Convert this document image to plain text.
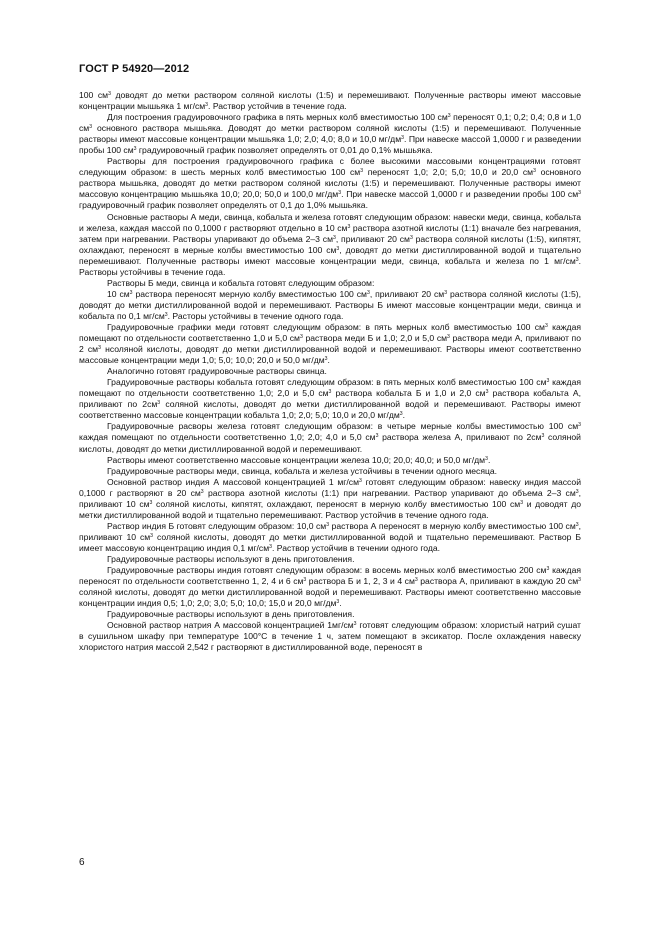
ГОСТ Р 54920—2012

100 $см^3$ доводят до метки раствором соляной кислоты (1:5) и перемешивают. Полученные растворы имеют массовые концентрации мышьяка 1 $мг/см^3$. Раствор устойчив в течение года.

Для построения градуировочного графика в пять мерных колб вместимостью 100 $см^3$ переносят 0,1; 0,2; 0,4; 0,8 и 1,0 $см^3$ основного раствора мышьяка. Доводят до метки раствором соляной кислоты (1:5) и перемешивают. Полученные растворы имеют массовые концентрации мышьяка 1,0; 2,0; 4,0; 8,0 и 10,0 $мг/дм^3$. При навеске массой 1,0000 г и разведении пробы 100 $см^3$ градуировочный график позволяет определять от 0,01 до 0,1% мышьяка.

Растворы для построения градуировочного графика с более высокими массовыми концентрациями готовят следующим образом: в шесть мерных колб вместимостью 100 $см^3$ переносят 1,0; 2,0; 5,0; 10,0 и 20,0 $см^3$ основного раствора мышьяка, доводят до метки раствором соляной кислоты (1:5) и перемешивают. Полученные растворы имеют массовую концентрацию мышьяка 10,0; 20,0; 50,0 и 100,0 $мг/дм^3$. При навеске массой 1,0000 г и разведении пробы 100 $см^3$ градуировочный график позволяет определять от 0,1 до 1,0% мышьяка.

Основные растворы А меди, свинца, кобальта и железа готовят следующим образом: навески меди, свинца, кобальта и железа, каждая массой по 0,1000 г растворяют отдельно в 10 $см^3$ раствора азотной кислоты (1:1) вначале без нагревания, затем при нагревании. Растворы упаривают до объема 2–3 $см^3$, приливают 20 $см^3$ раствора соляной кислоты (1:5), кипятят, охлаждают, переносят в мерные колбы вместимостью 100 $см^3$, доводят до метки дистиллированной водой и тщательно перемешивают. Полученные растворы имеют массовые концентрации меди, свинца, кобальта и железа по 1 $мг/см^3$. Растворы устойчивы в течение года.

Растворы Б меди, свинца и кобальта готовят следующим образом:

10 $см^3$ раствора переносят мерную колбу вместимостью 100 $см^3$, приливают 20 $см^3$ раствора соляной кислоты (1:5), доводят до метки дистиллированной водой и перемешивают. Растворы Б имеют массовые концентрации меди, свинца и кобальта по 0,1 $мг/см^3$. Расторы устойчивы в течение одного года.

Градуировочные графики меди готовят следующим образом: в пять мерных колб вместимостью 100 $см^3$ каждая помещают по отдельности соответственно 1,0 и 5,0 $см^3$ раствора меди Б и 1,0; 2,0 и 5,0 $см^3$ раствора меди А, приливают по 2 $см^3$ нсоляной кислоты, доводят до метки дистиллированной водой и перемешивают. Растворы имеют соответственно массовые концентрации меди 1,0; 5,0; 10,0; 20,0 и 50,0 $мг/дм^3$.

Аналогично готовят градуировочные растворы свинца.

Градуировочные растворы кобальта готовят следующим образом: в пять мерных колб вместимостью 100 $см^3$ каждая помещают по отдельности соответственно 1,0; 2,0 и 5,0 $см^3$ раствора кобальта Б и 1,0 и 2,0 $см^3$ раствора кобальта А, приливают по $2см^3$ соляной кислоты, доводят до метки дистиллированной водой и перемешивают. Растворы имеют соответственно массовые концентрации кобальта 1,0; 2,0; 5,0; 10,0 и 20,0 $мг/дм^3$.

Градуировочные расворы железа готовят следующим образом: в четыре мерные колбы вместимостью 100 $см^3$ каждая помещают по отдельности соответственно 1,0; 2,0; 4,0 и 5,0 $см^3$ раствора железа А, приливают по $2см^3$ соляной кислоты, доводят до метки дистиллированной водой и перемешивают.

Растворы имеют соответственно массовые концентрации железа 10,0; 20,0; 40,0; и 50,0 $мг/дм^3$.

Градуировочные растворы меди, свинца, кобальта и железа устойчивы в течении одного месяца.

Основной раствор индия А массовой концентрацией 1 $мг/см^3$ готовят следующим образом: навеску индия массой 0,1000 г растворяют в 20 $см^3$ раствора азотной кислоты (1:1) при нагревании. Раствор упаривают до объема 2–3 $см^3$, приливают 10 $см^3$ соляной кислоты, кипятят, охлаждают, переносят в мерную колбу вместимостью 100 $см^3$ и доводят до метки дистиллированной водой и тщательно перемешивают. Раствор устойчив в течение одного года.

Раствор индия Б готовят следующим образом: 10,0 $см^3$ раствора А переносят в мерную колбу вместимостью 100 $см^3$, приливают 10 $см^3$ соляной кислоты, доводят до метки дистиллированной водой и тщательно перемешивают. Раствор Б имеет массовую концентрацию индия 0,1 $мг/см^3$. Раствор устойчив в течении одного года.

Градуировочные растворы используют в день приготовления.

Градуировочные растворы индия готовят следующим образом: в восемь мерных колб вместимостью 200 $см^3$ каждая переносят по отдельности соответственно 1, 2, 4 и 6 $см^3$ раствора Б и 1, 2, 3 и 4 $см^3$ раствора А, приливают в каждую 20 $см^3$ соляной кислоты, доводят до метки дистиллированной водой и перемешивают. Растворы имеют соответственно массовые концентрации индия 0,5; 1,0; 2,0; 3,0; 5,0; 10,0; 15,0 и 20,0 $мг/дм^3$.

Градуировочные растворы используют в день приготовления.

Основной раствор натрия А массовой концентрацией $1мг/см^3$ готовят следующим образом: хлористый натрий сушат в сушильном шкафу при температуре 100°С в течение 1 ч, затем помещают в эксикатор. После охлаждения навеску хлористого натрия массой 2,542 г растворяют в дистиллированной воде, переносят в

6
